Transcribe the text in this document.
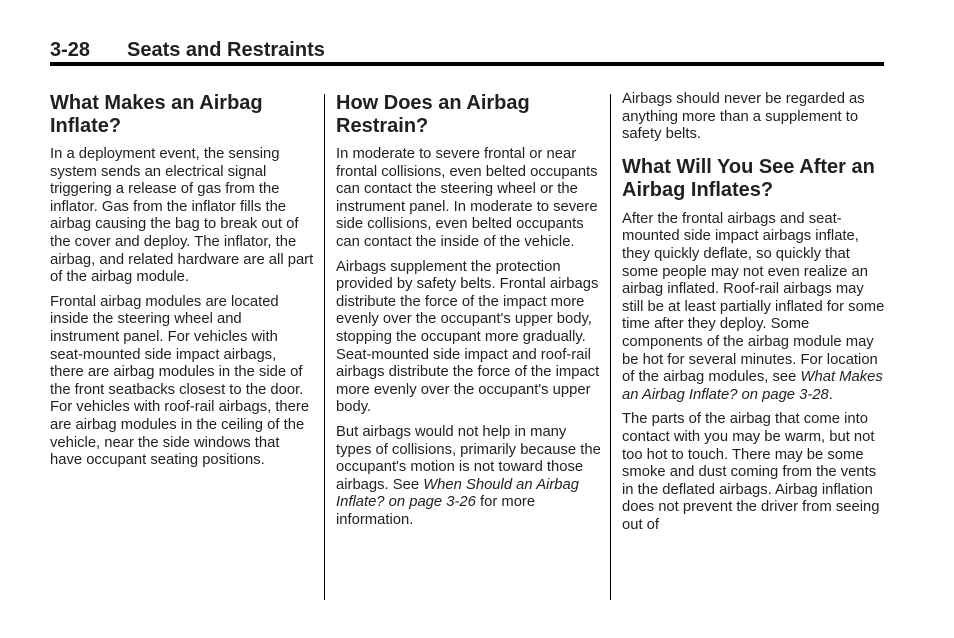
3-28 Seats and Restraints
What Makes an Airbag Inflate?

In a deployment event, the sensing system sends an electrical signal triggering a release of gas from the inflator. Gas from the inflator fills the airbag causing the bag to break out of the cover and deploy. The inflator, the airbag, and related hardware are all part of the airbag module.

Frontal airbag modules are located inside the steering wheel and instrument panel. For vehicles with seat-mounted side impact airbags, there are airbag modules in the side of the front seatbacks closest to the door. For vehicles with roof-rail airbags, there are airbag modules in the ceiling of the vehicle, near the side windows that have occupant seating positions.

How Does an Airbag Restrain?

In moderate to severe frontal or near frontal collisions, even belted occupants can contact the steering wheel or the instrument panel. In moderate to severe side collisions, even belted occupants can contact the inside of the vehicle.

Airbags supplement the protection provided by safety belts. Frontal airbags distribute the force of the impact more evenly over the occupant's upper body, stopping the occupant more gradually. Seat-mounted side impact and roof-rail airbags distribute the force of the impact more evenly over the occupant's upper body.

But airbags would not help in many types of collisions, primarily because the occupant's motion is not toward those airbags. See When Should an Airbag Inflate? on page 3-26 for more information.

Airbags should never be regarded as anything more than a supplement to safety belts.

What Will You See After an Airbag Inflates?

After the frontal airbags and seat-mounted side impact airbags inflate, they quickly deflate, so quickly that some people may not even realize an airbag inflated. Roof-rail airbags may still be at least partially inflated for some time after they deploy. Some components of the airbag module may be hot for several minutes. For location of the airbag modules, see What Makes an Airbag Inflate? on page 3-28.

The parts of the airbag that come into contact with you may be warm, but not too hot to touch. There may be some smoke and dust coming from the vents in the deflated airbags. Airbag inflation does not prevent the driver from seeing out of
